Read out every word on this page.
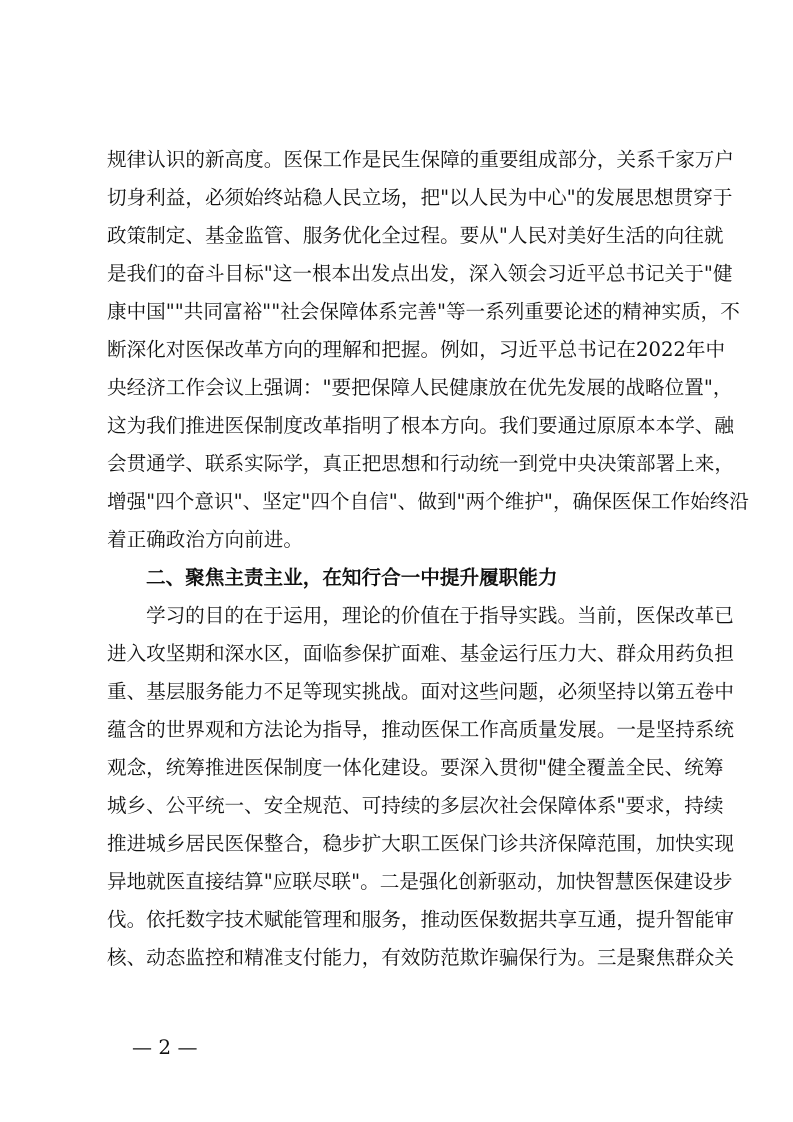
规律认识的新高度。医保工作是民生保障的重要组成部分，关系千家万户
切身利益，必须始终站稳人民立场，把"以人民为中心"的发展思想贯穿于
政策制定、基金监管、服务优化全过程。要从"人民对美好生活的向往就
是我们的奋斗目标"这一根本出发点出发，深入领会习近平总书记关于"健
康中国""共同富裕""社会保障体系完善"等一系列重要论述的精神实质，不
断深化对医保改革方向的理解和把握。例如，习近平总书记在2022年中
央经济工作会议上强调："要把保障人民健康放在优先发展的战略位置"，
这为我们推进医保制度改革指明了根本方向。我们要通过原原本本学、融
会贯通学、联系实际学，真正把思想和行动统一到党中央决策部署上来，
增强"四个意识"、坚定"四个自信"、做到"两个维护"，确保医保工作始终沿
着正确政治方向前进。
二、聚焦主责主业，在知行合一中提升履职能力
学习的目的在于运用，理论的价值在于指导实践。当前，医保改革已
进入攻坚期和深水区，面临参保扩面难、基金运行压力大、群众用药负担
重、基层服务能力不足等现实挑战。面对这些问题，必须坚持以第五卷中
蕴含的世界观和方法论为指导，推动医保工作高质量发展。一是坚持系统
观念，统筹推进医保制度一体化建设。要深入贯彻"健全覆盖全民、统筹
城乡、公平统一、安全规范、可持续的多层次社会保障体系"要求，持续
推进城乡居民医保整合，稳步扩大职工医保门诊共济保障范围，加快实现
异地就医直接结算"应联尽联"。二是强化创新驱动，加快智慧医保建设步
伐。依托数字技术赋能管理和服务，推动医保数据共享互通，提升智能审
核、动态监控和精准支付能力，有效防范欺诈骗保行为。三是聚焦群众关
— 2 —
